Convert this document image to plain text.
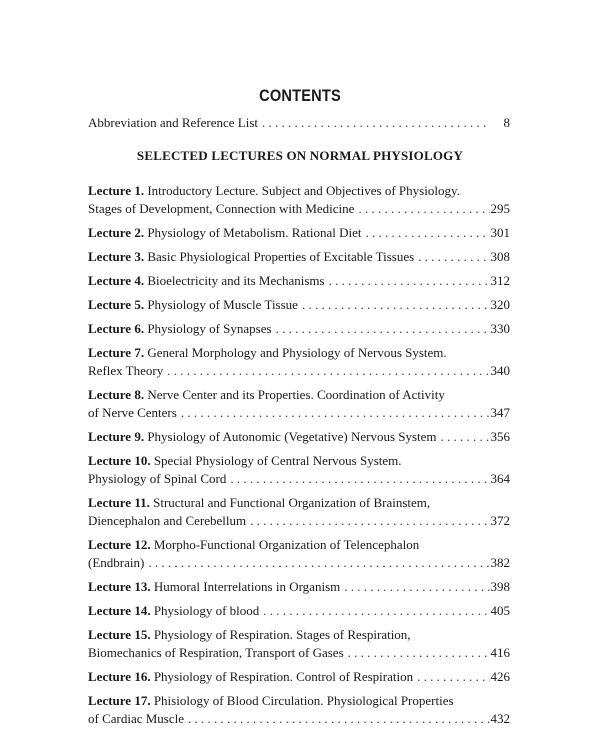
CONTENTS
Abbreviation and Reference List . . .	8
SELECTED LECTURES ON NORMAL PHYSIOLOGY
Lecture 1. Introductory Lecture. Subject and Objectives of Physiology.
Stages of Development, Connection with Medicine . . .	295
Lecture 2. Physiology of Metabolism. Rational Diet . . .	301
Lecture 3. Basic Physiological Properties of Excitable Tissues . . .	308
Lecture 4. Bioelectricity and its Mechanisms . . .	312
Lecture 5. Physiology of Muscle Tissue . . .	320
Lecture 6. Physiology of Synapses . . .	330
Lecture 7. General Morphology and Physiology of Nervous System.
Reflex Theory . . .	340
Lecture 8. Nerve Center and its Properties. Coordination of Activity
of Nerve Centers . . .	347
Lecture 9. Physiology of Autonomic (Vegetative) Nervous System . . .	356
Lecture 10. Special Physiology of Central Nervous System.
Physiology of Spinal Cord . . .	364
Lecture 11. Structural and Functional Organization of Brainstem,
Diencephalon and Cerebellum . . .	372
Lecture 12. Morpho-Functional Organization of Telencephalon
(Endbrain) . . .	382
Lecture 13. Humoral Interrelations in Organism . . .	398
Lecture 14. Physiology of blood . . .	405
Lecture 15. Physiology of Respiration. Stages of Respiration,
Biomechanics of Respiration, Transport of Gases . . .	416
Lecture 16. Physiology of Respiration. Control of Respiration . . .	426
Lecture 17. Phisiology of Blood Circulation. Physiological Properties
of Cardiac Muscle . . .	432
